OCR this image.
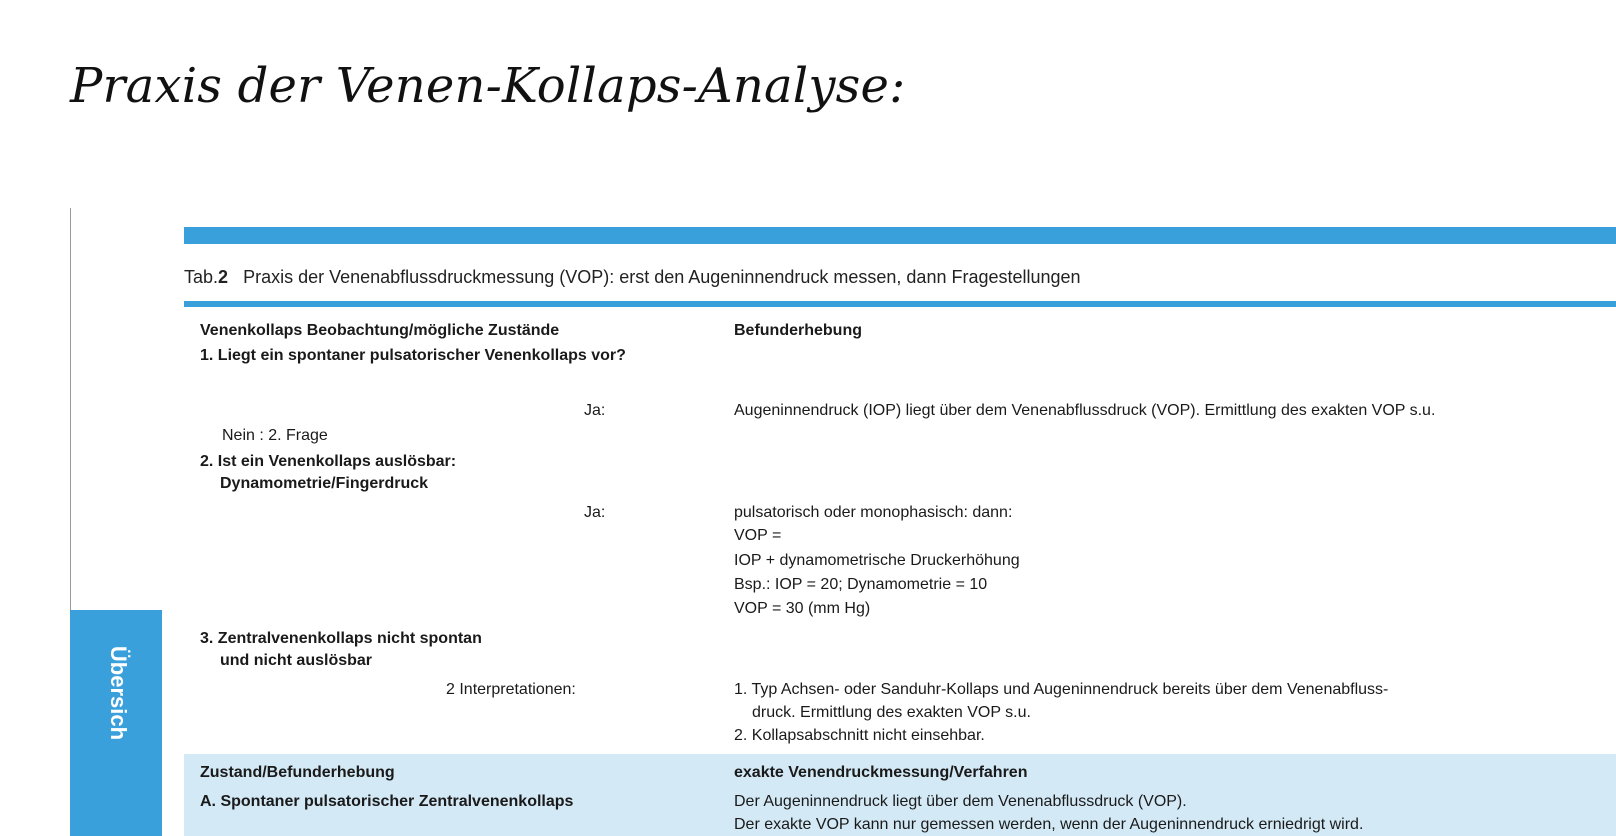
Praxis der Venen-Kollaps-Analyse:
Übersich
Tab.2 Praxis der Venenabflussdruckmessung (VOP): erst den Augeninnendruck messen, dann Fragestellungen
Venenkollaps Beobachtung/mögliche Zustände	Befunderhebung
1. Liegt ein spontaner pulsatorischer Venenkollaps vor?
Ja:	Augeninnendruck (IOP) liegt über dem Venenabflussdruck (VOP). Ermittlung des exakten VOP s.u.
Nein : 2. Frage
2. Ist ein Venenkollaps auslösbar:
Dynamometrie/Fingerdruck
Ja:	pulsatorisch oder monophasisch: dann:
VOP =
IOP + dynamometrische Druckerhöhung
Bsp.: IOP = 20; Dynamometrie = 10
VOP = 30 (mm Hg)
3. Zentralvenenkollaps nicht spontan
und nicht auslösbar
2 Interpretationen:	1. Typ Achsen- oder Sanduhr-Kollaps und Augeninnendruck bereits über dem Venenabfluss-
druck. Ermittlung des exakten VOP s.u.
2. Kollapsabschnitt nicht einsehbar.
Zustand/Befunderhebung	exakte Venendruckmessung/Verfahren
A. Spontaner pulsatorischer Zentralvenenkollaps	Der Augeninnendruck liegt über dem Venenabflussdruck (VOP).
Der exakte VOP kann nur gemessen werden, wenn der Augeninnendruck erniedrigt wird.
